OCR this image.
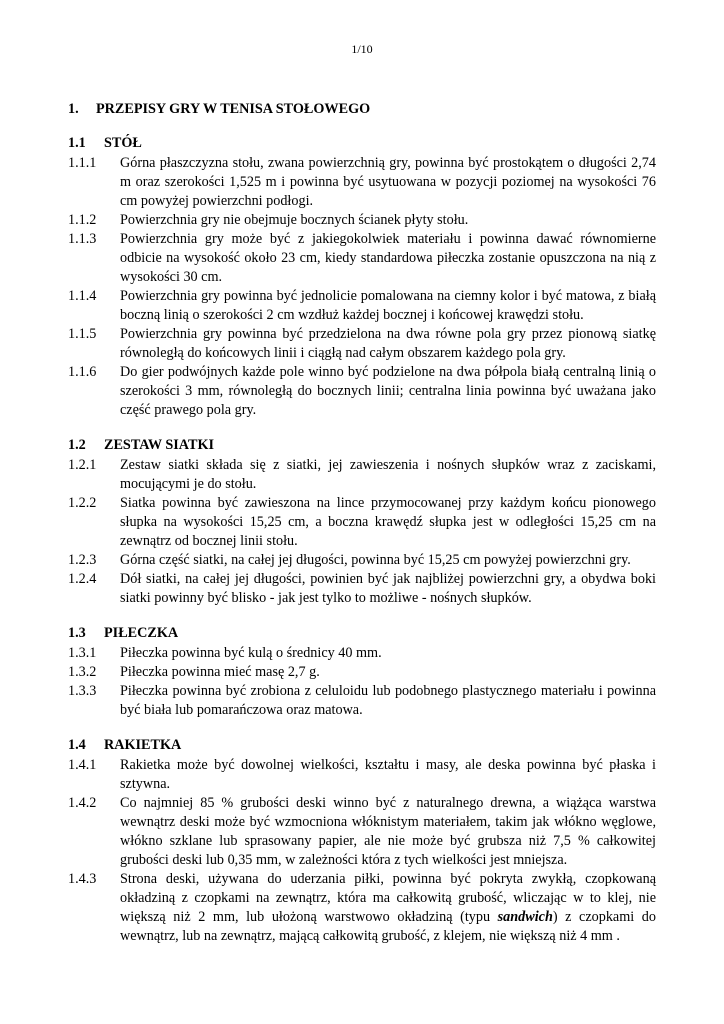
1/10
1.	PRZEPISY GRY W TENISA STOŁOWEGO
1.1	STÓŁ
1.1.1	Górna płaszczyzna stołu, zwana powierzchnią gry, powinna być prostokątem o długości 2,74 m oraz szerokości 1,525 m i powinna być usytuowana w pozycji poziomej na wysokości 76 cm powyżej powierzchni podłogi.
1.1.2	Powierzchnia gry nie obejmuje bocznych ścianek płyty stołu.
1.1.3	Powierzchnia gry może być z jakiegokolwiek materiału i powinna dawać równomierne odbicie na wysokość około 23 cm, kiedy standardowa piłeczka zostanie opuszczona na nią z wysokości 30 cm.
1.1.4	Powierzchnia gry powinna być jednolicie pomalowana na ciemny kolor i być matowa, z białą boczną linią o szerokości 2 cm wzdłuż każdej bocznej i końcowej krawędzi stołu.
1.1.5	Powierzchnia gry powinna być przedzielona na dwa równe pola gry przez pionową siatkę równoległą do końcowych linii i ciągłą nad całym obszarem każdego pola gry.
1.1.6	Do gier podwójnych każde pole winno być podzielone na dwa półpola białą centralną linią o szerokości 3 mm, równoległą do bocznych linii; centralna linia powinna być uważana jako część prawego pola gry.
1.2	ZESTAW SIATKI
1.2.1	Zestaw siatki składa się z siatki, jej zawieszenia i nośnych słupków wraz z zaciskami, mocującymi je do stołu.
1.2.2	Siatka powinna być zawieszona na lince przymocowanej przy każdym końcu pionowego słupka na wysokości 15,25 cm, a boczna krawędź słupka jest w odległości 15,25 cm na zewnątrz od bocznej linii stołu.
1.2.3	Górna część siatki, na całej jej długości, powinna być 15,25 cm powyżej powierzchni gry.
1.2.4	Dół siatki, na całej jej długości, powinien być jak najbliżej powierzchni gry, a obydwa boki siatki powinny być blisko - jak jest tylko to możliwe - nośnych słupków.
1.3	PIŁECZKA
1.3.1	Piłeczka powinna być kulą o średnicy 40 mm.
1.3.2	Piłeczka powinna mieć masę 2,7 g.
1.3.3	Piłeczka powinna być zrobiona z celuloidu lub podobnego plastycznego materiału i powinna być biała lub pomarańczowa oraz matowa.
1.4	RAKIETKA
1.4.1	Rakietka może być dowolnej wielkości, kształtu i masy, ale deska powinna być płaska i sztywna.
1.4.2	Co najmniej 85 % grubości deski winno być z naturalnego drewna, a wiążąca warstwa wewnątrz deski może być wzmocniona włóknistym materiałem, takim jak włókno węglowe, włókno szklane lub sprasowany papier, ale nie może być grubsza niż 7,5 % całkowitej grubości deski lub 0,35 mm, w zależności która z tych wielkości jest mniejsza.
1.4.3	Strona deski, używana do uderzania piłki, powinna być pokryta zwykłą, czopkowaną okładziną z czopkami na zewnątrz, która ma całkowitą grubość, wliczając w to klej, nie większą niż 2 mm, lub ułożoną warstwowo okładziną (typu sandwich) z czopkami do wewnątrz, lub na zewnątrz, mającą całkowitą grubość, z klejem, nie większą niż 4 mm .
